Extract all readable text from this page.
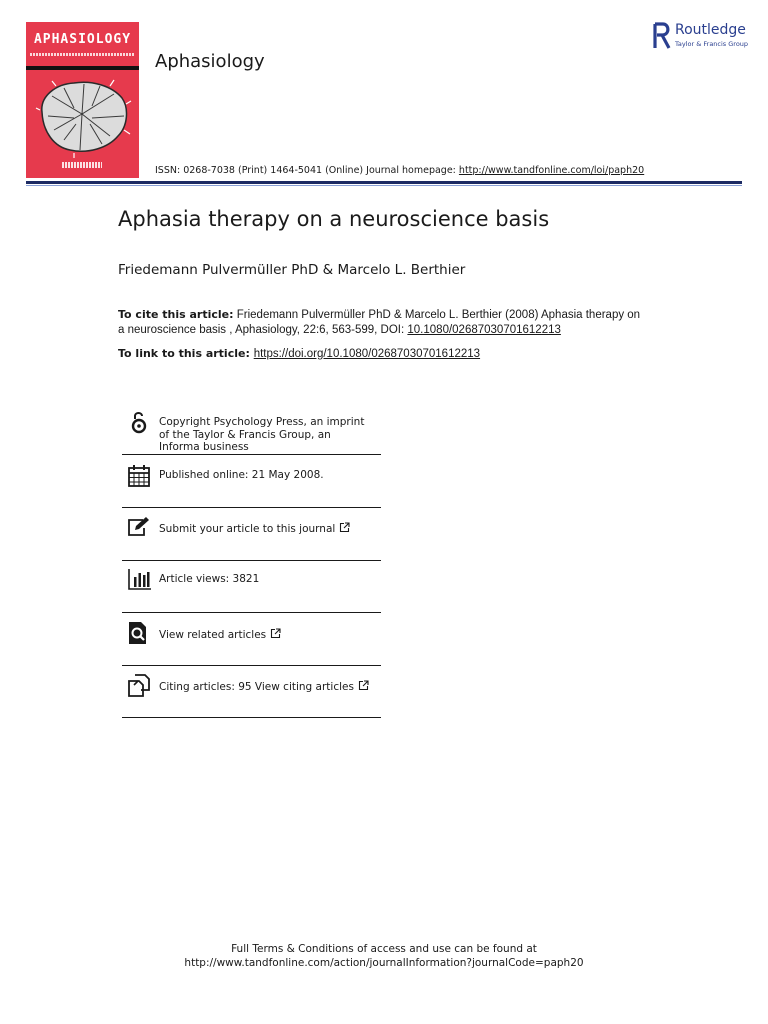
APHASIOLOGY
Aphasiology
ISSN: 0268-7038 (Print) 1464-5041 (Online) Journal homepage: http://www.tandfonline.com/loi/paph20
Routledge
Taylor & Francis Group
Aphasia therapy on a neuroscience basis
Friedemann Pulvermüller PhD & Marcelo L. Berthier
To cite this article: Friedemann Pulvermüller PhD & Marcelo L. Berthier (2008) Aphasia therapy on a neuroscience basis , Aphasiology, 22:6, 563-599, DOI: 10.1080/02687030701612213
To link to this article: https://doi.org/10.1080/02687030701612213
Copyright Psychology Press, an imprint of the Taylor & Francis Group, an Informa business
Published online: 21 May 2008.
Submit your article to this journal
Article views: 3821
View related articles
Citing articles: 95 View citing articles
Full Terms & Conditions of access and use can be found at
http://www.tandfonline.com/action/journalInformation?journalCode=paph20
